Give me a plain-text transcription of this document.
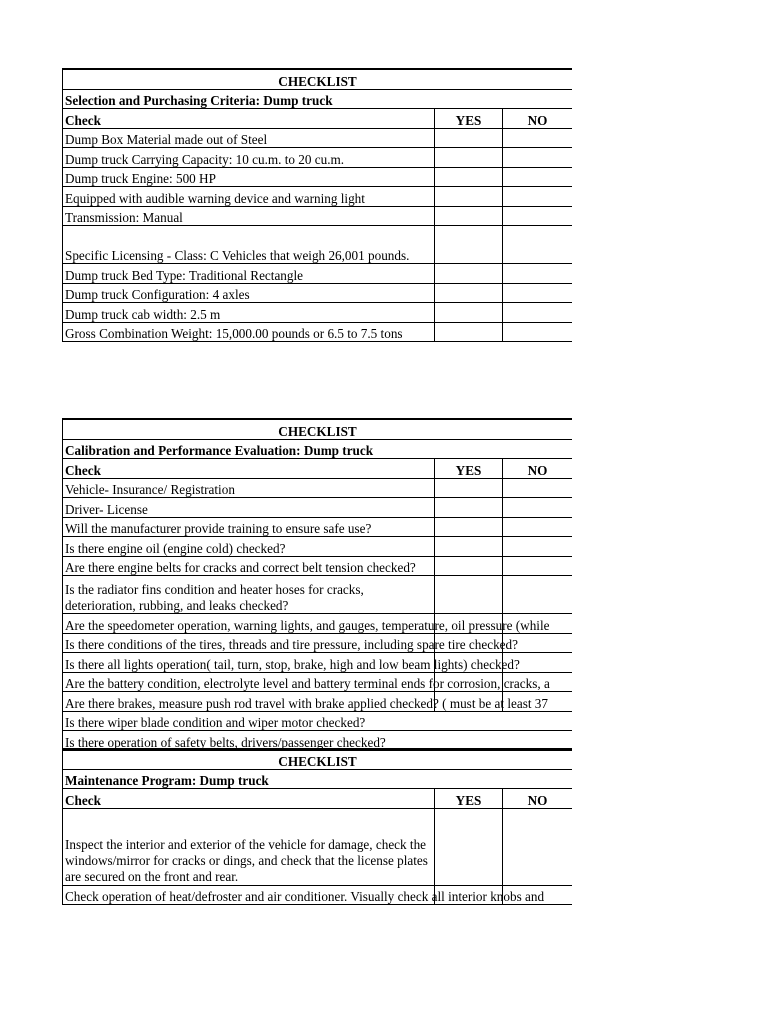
CHECKLIST		
Selection and Purchasing Criteria: Dump truck		
Check	YES	NO
Dump Box Material made out of Steel		
Dump truck Carrying Capacity: 10 cu.m. to 20 cu.m.		
Dump truck Engine: 500 HP		
Equipped with audible warning device and warning light		
Transmission: Manual		
Specific Licensing - Class: C Vehicles that weigh 26,001 pounds.		
Dump truck Bed Type: Traditional Rectangle		
Dump truck Configuration: 4 axles		
Dump truck cab width: 2.5 m		
Gross Combination Weight: 15,000.00 pounds or 6.5 to 7.5 tons		
CHECKLIST		
Calibration and Performance Evaluation: Dump truck		
Check	YES	NO
Vehicle- Insurance/ Registration		
Driver- License		
Will the manufacturer provide training to ensure safe use?		
Is there engine oil (engine cold) checked?		
Are there engine belts for cracks and correct belt tension checked?		
Is the radiator fins condition and heater hoses for cracks, deterioration, rubbing, and leaks checked?		
Are the speedometer operation, warning lights, and gauges, temperature, oil pressure (while		
Is there conditions of the tires, threads and tire pressure, including spare tire checked?		
Is there all lights operation( tail, turn, stop, brake, high and low beam lights) checked?		
Are the battery condition, electrolyte level and battery terminal ends for corrosion, cracks, a		
Are there brakes, measure push rod travel with brake applied checked? ( must be at least 37		
Is there wiper blade condition and wiper motor checked?		
Is there operation of safety belts, drivers/passenger checked?		
CHECKLIST		
Maintenance Program: Dump truck		
Check	YES	NO
Inspect the interior and exterior of the vehicle for damage, check the windows/mirror for cracks or dings, and check that the license plates are secured on the front and rear.		
Check operation of heat/defroster and air conditioner. Visually check all interior knobs and		
